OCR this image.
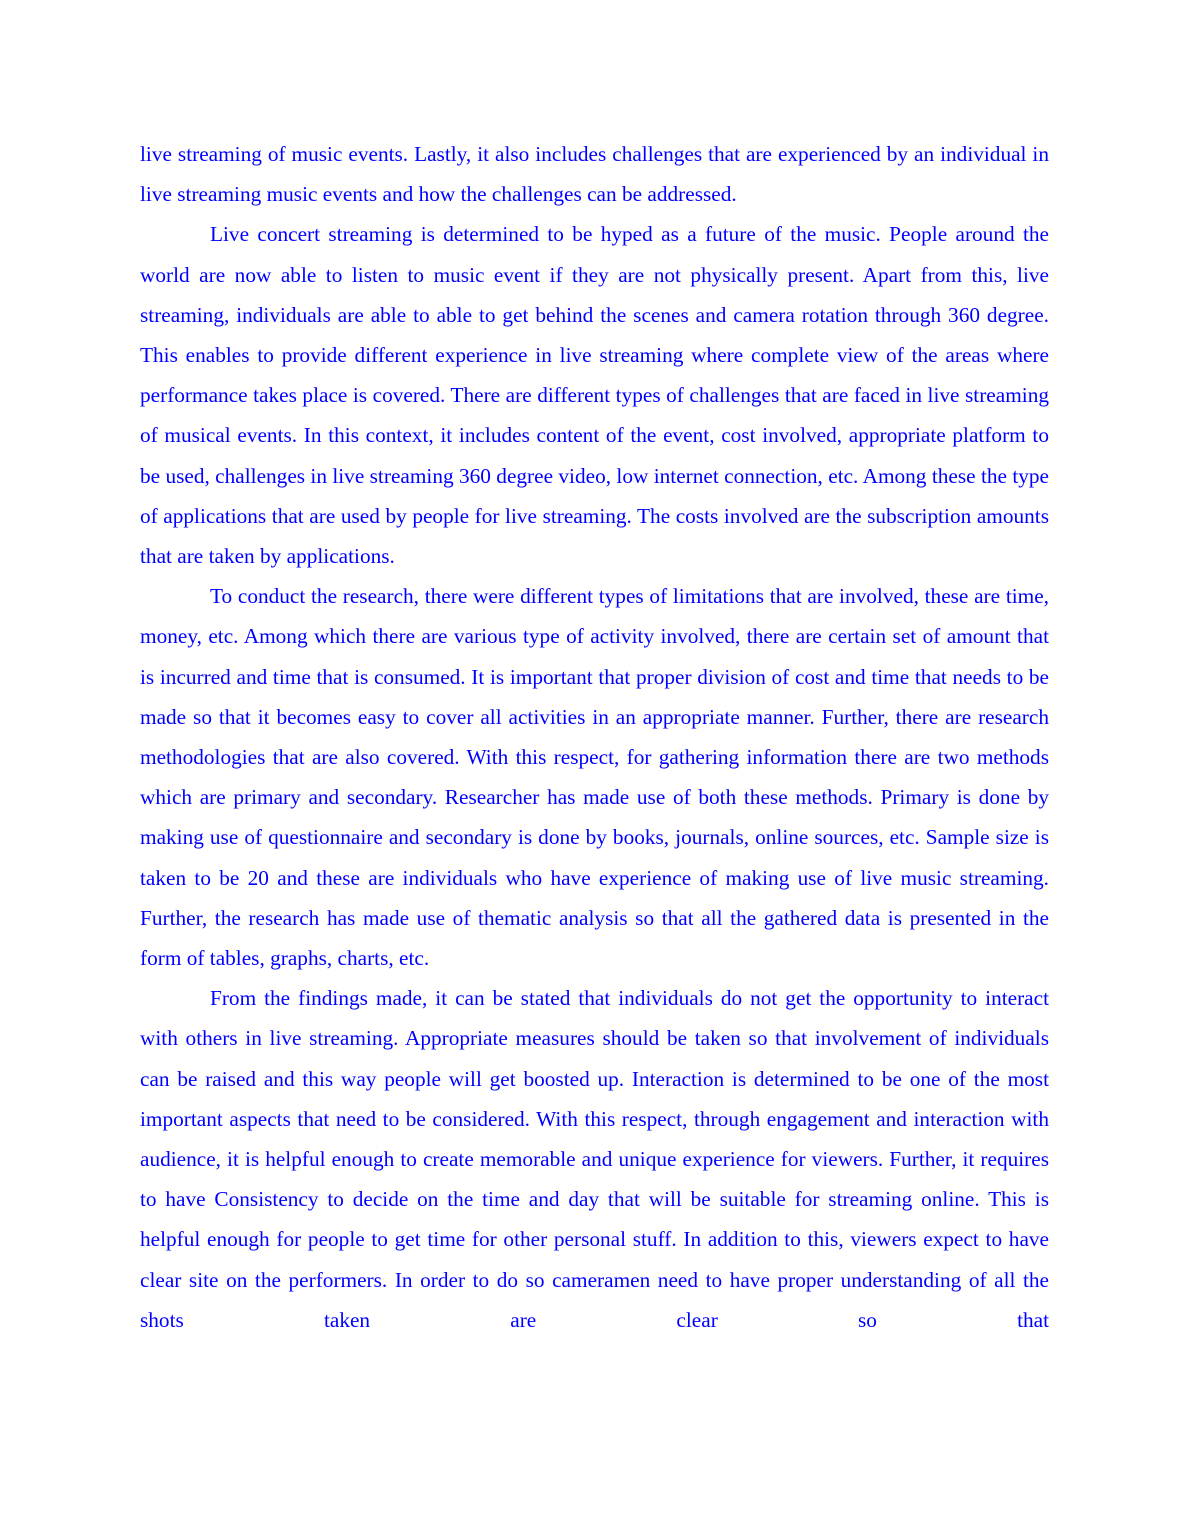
live streaming of music events. Lastly, it also includes challenges that are experienced by an individual in live streaming music events and how the challenges can be addressed.

Live concert streaming is determined to be hyped as a future of the music. People around the world are now able to listen to music event if they are not physically present. Apart from this, live streaming, individuals are able to able to get behind the scenes and camera rotation through 360 degree. This enables to provide different experience in live streaming where complete view of the areas where performance takes place is covered. There are different types of challenges that are faced in live streaming of musical events. In this context, it includes content of the event, cost involved, appropriate platform to be used, challenges in live streaming 360 degree video, low internet connection, etc. Among these the type of applications that are used by people for live streaming. The costs involved are the subscription amounts that are taken by applications.

To conduct the research, there were different types of limitations that are involved, these are time, money, etc. Among which there are various type of activity involved, there are certain set of amount that is incurred and time that is consumed. It is important that proper division of cost and time that needs to be made so that it becomes easy to cover all activities in an appropriate manner. Further, there are research methodologies that are also covered. With this respect, for gathering information there are two methods which are primary and secondary. Researcher has made use of both these methods. Primary is done by making use of questionnaire and secondary is done by books, journals, online sources, etc. Sample size is taken to be 20 and these are individuals who have experience of making use of live music streaming. Further, the research has made use of thematic analysis so that all the gathered data is presented in the form of tables, graphs, charts, etc.

From the findings made, it can be stated that individuals do not get the opportunity to interact with others in live streaming. Appropriate measures should be taken so that involvement of individuals can be raised and this way people will get boosted up. Interaction is determined to be one of the most important aspects that need to be considered. With this respect, through engagement and interaction with audience, it is helpful enough to create memorable and unique experience for viewers. Further, it requires to have Consistency to decide on the time and day that will be suitable for streaming online. This is helpful enough for people to get time for other personal stuff. In addition to this, viewers expect to have clear site on the performers. In order to do so cameramen need to have proper understanding of all the shots taken are clear so that
